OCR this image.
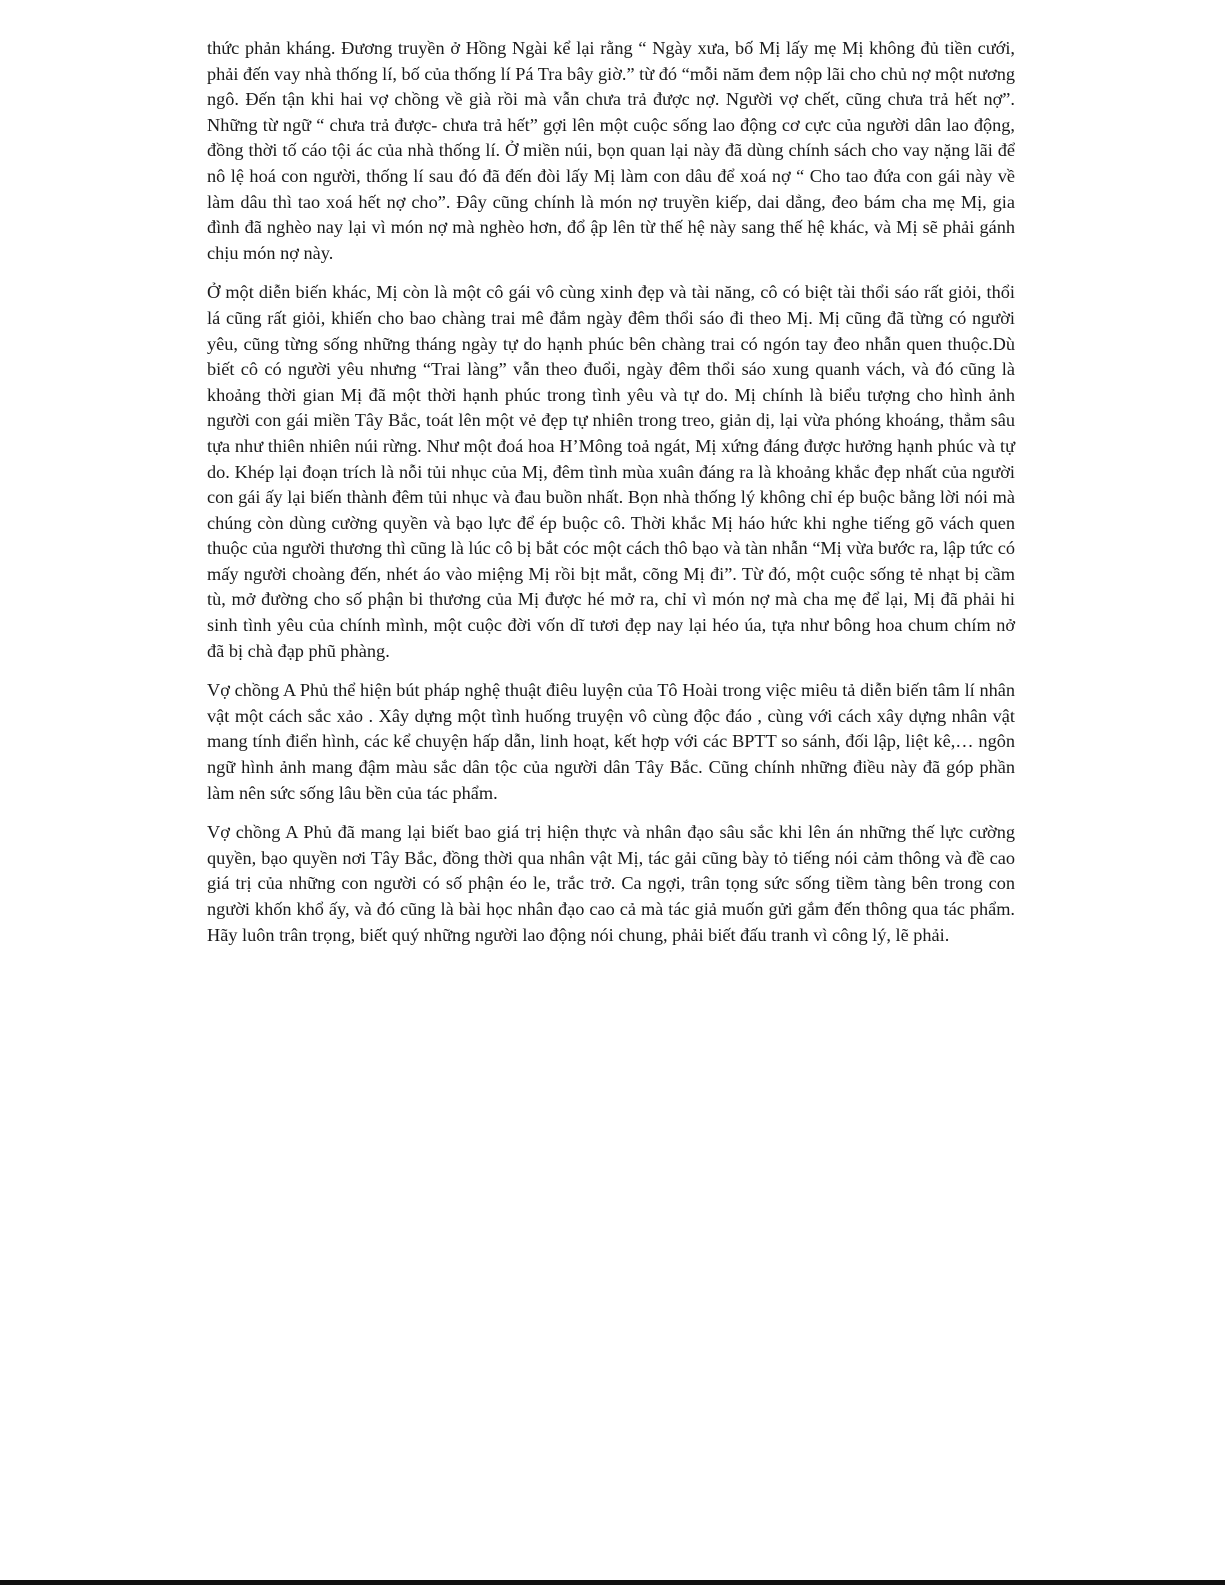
thức phản kháng. Đương truyền ở Hồng Ngài kể lại rằng “ Ngày xưa, bố Mị lấy mẹ Mị không đủ tiền cưới, phải đến vay nhà thống lí, bố của thống lí Pá Tra bây giờ.” từ đó “mỗi năm đem nộp lãi cho chủ nợ một nương ngô. Đến tận khi hai vợ chồng về già rồi mà vẫn chưa trả được nợ. Người vợ chết, cũng chưa trả hết nợ”. Những từ ngữ “ chưa trả được- chưa trả hết” gợi lên một cuộc sống lao động cơ cực của người dân lao động, đồng thời tố cáo tội ác của nhà thống lí. Ở miền núi, bọn quan lại này đã dùng chính sách cho vay nặng lãi để nô lệ hoá con người, thống lí sau đó đã đến đòi lấy Mị làm con dâu để xoá nợ “ Cho tao đứa con gái này về làm dâu thì tao xoá hết nợ cho”. Đây cũng chính là món nợ truyền kiếp, dai dẳng, đeo bám cha mẹ Mị, gia đình đã nghèo nay lại vì món nợ mà nghèo hơn, đổ ập lên từ thế hệ này sang thế hệ khác, và Mị sẽ phải gánh chịu món nợ này.

Ở một diễn biến khác, Mị còn là một cô gái vô cùng xinh đẹp và tài năng, cô có biệt tài thổi sáo rất giỏi, thổi lá cũng rất giỏi, khiến cho bao chàng trai mê đắm ngày đêm thổi sáo đi theo Mị. Mị cũng đã từng có người yêu, cũng từng sống những tháng ngày tự do hạnh phúc bên chàng trai có ngón tay đeo nhẫn quen thuộc.Dù biết cô có người yêu nhưng “Trai làng” vẫn theo đuổi, ngày đêm thổi sáo xung quanh vách, và đó cũng là khoảng thời gian Mị đã một thời hạnh phúc trong tình yêu và tự do. Mị chính là biểu tượng cho hình ảnh người con gái miền Tây Bắc, toát lên một vẻ đẹp tự nhiên trong treo, giản dị, lại vừa phóng khoáng, thẳm sâu tựa như thiên nhiên núi rừng. Như một đoá hoa H’Mông toả ngát, Mị xứng đáng được hưởng hạnh phúc và tự do. Khép lại đoạn trích là nỗi tủi nhục của Mị, đêm tình mùa xuân đáng ra là khoảng khắc đẹp nhất của người con gái ấy lại biến thành đêm tủi nhục và đau buồn nhất. Bọn nhà thống lý không chỉ ép buộc bằng lời nói mà chúng còn dùng cường quyền và bạo lực để ép buộc cô. Thời khắc Mị háo hức khi nghe tiếng gõ vách quen thuộc của người thương thì cũng là lúc cô bị bắt cóc một cách thô bạo và tàn nhẫn “Mị vừa bước ra, lập tức có mấy người choàng đến, nhét áo vào miệng Mị rồi bịt mắt, cõng Mị đi”. Từ đó, một cuộc sống tẻ nhạt bị cầm tù, mở đường cho số phận bi thương của Mị được hé mở ra, chỉ vì món nợ mà cha mẹ để lại, Mị đã phải hi sinh tình yêu của chính mình, một cuộc đời vốn dĩ tươi đẹp nay lại héo úa, tựa như bông hoa chum chím nở đã bị chà đạp phũ phàng.

Vợ chồng A Phủ thể hiện bút pháp nghệ thuật điêu luyện của Tô Hoài trong việc miêu tả diễn biến tâm lí nhân vật một cách sắc xảo . Xây dựng một tình huống truyện vô cùng độc đáo , cùng với cách xây dựng nhân vật mang tính điển hình, các kể chuyện hấp dẫn, linh hoạt, kết hợp với các BPTT so sánh, đối lập, liệt kê,… ngôn ngữ hình ảnh mang đậm màu sắc dân tộc của người dân Tây Bắc. Cũng chính những điều này đã góp phần làm nên sức sống lâu bền của tác phẩm.

Vợ chồng A Phủ đã mang lại biết bao giá trị hiện thực và nhân đạo sâu sắc khi lên án những thế lực cường quyền, bạo quyền nơi Tây Bắc, đồng thời qua nhân vật Mị, tác gải cũng bày tỏ tiếng nói cảm thông và đề cao giá trị của những con người có số phận éo le, trắc trở. Ca ngợi, trân tọng sức sống tiềm tàng bên trong con người khốn khổ ấy, và đó cũng là bài học nhân đạo cao cả mà tác giả muốn gửi gắm đến thông qua tác phẩm. Hãy luôn trân trọng, biết quý những người lao động nói chung, phải biết đấu tranh vì công lý, lẽ phải.
